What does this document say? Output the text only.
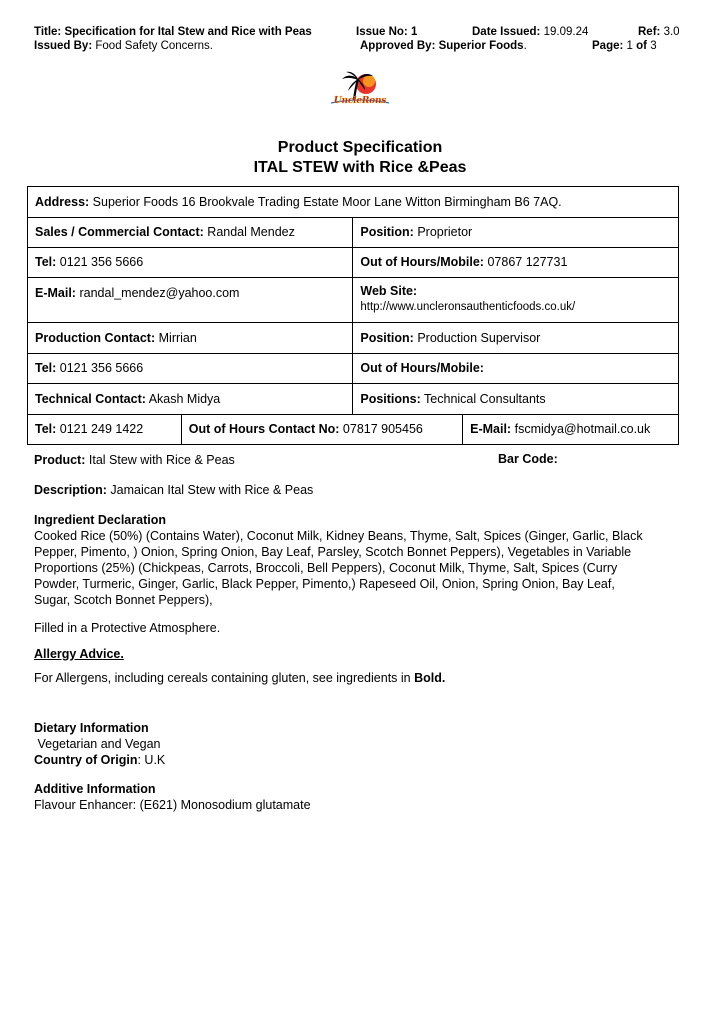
Title: Specification for Ital Stew and Rice with Peas	Issue No: 1	Date Issued: 19.09.24	Ref: 3.0
Issued By: Food Safety Concerns.	Approved By: Superior Foods.	Page: 1 of 3
UncleRons
Product Specification
ITAL STEW with Rice &Peas
Address: Superior Foods 16 Brookvale Trading Estate Moor Lane Witton Birmingham B6 7AQ.			
Sales / Commercial Contact: Randal Mendez		Position: Proprietor	
Tel: 0121 356 5666		Out of Hours/Mobile: 07867 127731	
E-Mail: randal_mendez@yahoo.com		Web Site:
http://www.uncleronsauthenticfoods.co.uk/	
Production Contact: Mirrian		Position: Production Supervisor	
Tel: 0121 356 5666		Out of Hours/Mobile:	
Technical Contact: Akash Midya		Positions: Technical Consultants	
Tel: 0121 249 1422	Out of Hours Contact No: 07817 905456		E-Mail: fscmidya@hotmail.co.uk
Product: Ital Stew with Rice & Peas	Bar Code:
Description: Jamaican Ital Stew with Rice & Peas
Ingredient Declaration
Cooked Rice (50%) (Contains Water), Coconut Milk, Kidney Beans, Thyme, Salt, Spices (Ginger, Garlic, Black
Pepper, Pimento, ) Onion, Spring Onion, Bay Leaf, Parsley, Scotch Bonnet Peppers), Vegetables in Variable
Proportions (25%) (Chickpeas, Carrots, Broccoli, Bell Peppers), Coconut Milk, Thyme, Salt, Spices (Curry
Powder, Turmeric, Ginger, Garlic, Black Pepper, Pimento,) Rapeseed Oil, Onion, Spring Onion, Bay Leaf,
Sugar, Scotch Bonnet Peppers),
Filled in a Protective Atmosphere.
Allergy Advice.
For Allergens, including cereals containing gluten, see ingredients in Bold.
Dietary Information
Vegetarian and Vegan
Country of Origin: U.K
Additive Information
Flavour Enhancer: (E621) Monosodium glutamate
